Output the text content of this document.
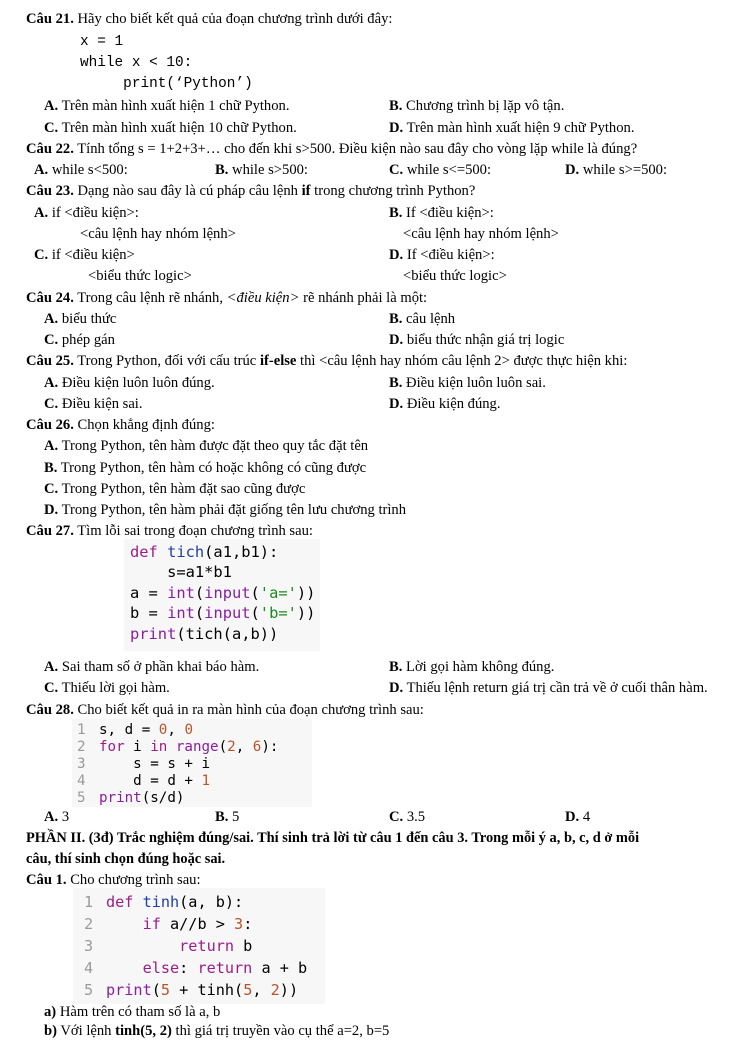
Câu 21. Hãy cho biết kết quả của đoạn chương trình dưới đây:
x = 1
while x < 10:
print(‘Python’)
A. Trên màn hình xuất hiện 1 chữ Python.	B. Chương trình bị lặp vô tận.
C. Trên màn hình xuất hiện 10 chữ Python.	D. Trên màn hình xuất hiện 9 chữ Python.
Câu 22. Tính tổng s = 1+2+3+… cho đến khi s>500. Điều kiện nào sau đây cho vòng lặp while là đúng?
A. while s<500:	B. while s>500:	C. while s<=500:	D. while s>=500:
Câu 23. Dạng nào sau đây là cú pháp câu lệnh if trong chương trình Python?
A. if <điều kiện>:	B. If <điều kiện>:
<câu lệnh hay nhóm lệnh>	<câu lệnh hay nhóm lệnh>
C. if <điều kiện>	D. If <điều kiện>:
<biểu thức logic>	<biểu thức logic>
Câu 24. Trong câu lệnh rẽ nhánh, <điều kiện> rẽ nhánh phải là một:
A. biểu thức	B. câu lệnh
C. phép gán	D. biểu thức nhận giá trị logic
Câu 25. Trong Python, đối với cấu trúc if-else thì <câu lệnh hay nhóm câu lệnh 2> được thực hiện khi:
A. Điều kiện luôn luôn đúng.	B. Điều kiện luôn luôn sai.
C. Điều kiện sai.	D. Điều kiện đúng.
Câu 26. Chọn khẳng định đúng:
A. Trong Python, tên hàm được đặt theo quy tắc đặt tên
B. Trong Python, tên hàm có hoặc không có cũng được
C. Trong Python, tên hàm đặt sao cũng được
D. Trong Python, tên hàm phải đặt giống tên lưu chương trình
Câu 27. Tìm lỗi sai trong đoạn chương trình sau:
def tich(a1,b1):
s=a1*b1
a = int(input('a='))
b = int(input('b='))
print(tich(a,b))
A. Sai tham số ở phần khai báo hàm.	B. Lời gọi hàm không đúng.
C. Thiếu lời gọi hàm.	D. Thiếu lệnh return giá trị cần trả về ở cuối thân hàm.
Câu 28. Cho biết kết quả in ra màn hình của đoạn chương trình sau:
1 s, d = 0, 0
2 for i in range(2, 6):
3    s = s + i
4    d = d + 1
5 print(s/d)
A. 3	B. 5	C. 3.5	D. 4
PHẦN II. (3đ) Trắc nghiệm đúng/sai. Thí sinh trả lời từ câu 1 đến câu 3. Trong mỗi ý a, b, c, d ở mỗi
câu, thí sinh chọn đúng hoặc sai.
Câu 1. Cho chương trình sau:
1 def tinh(a, b):
2    if a//b > 3:
3        return b
4    else: return a + b
5 print(5 + tinh(5, 2))
a) Hàm trên có tham số là a, b
b) Với lệnh tinh(5, 2) thì giá trị truyền vào cụ thể a=2, b=5
